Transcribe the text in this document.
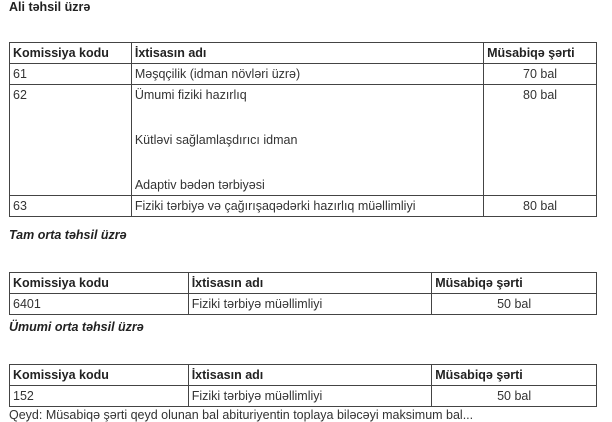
Ali təhsil üzrə
Komissiya kodu	İxtisasın adı	Müsabiqə şərti
61	Məşqçilik (idman növləri üzrə)	70 bal
62	Ümumi fiziki hazırlıq
Kütləvi sağlamlaşdırıcı idman
Adaptiv bədən tərbiyəsi	80 bal
63	Fiziki tərbiyə və çağırışaqədərki hazırlıq müəllimliyi	80 bal
Tam orta təhsil üzrə
Komissiya kodu	İxtisasın adı	Müsabiqə şərti
6401	Fiziki tərbiyə müəllimliyi	50 bal
Ümumi orta təhsil üzrə
Komissiya kodu	İxtisasın adı	Müsabiqə şərti
152	Fiziki tərbiyə müəllimliyi	50 bal
Qeyd: Müsabiqə şərti qeyd olunan bal abituriyentin toplaya biləcəyi maksimum bal...
